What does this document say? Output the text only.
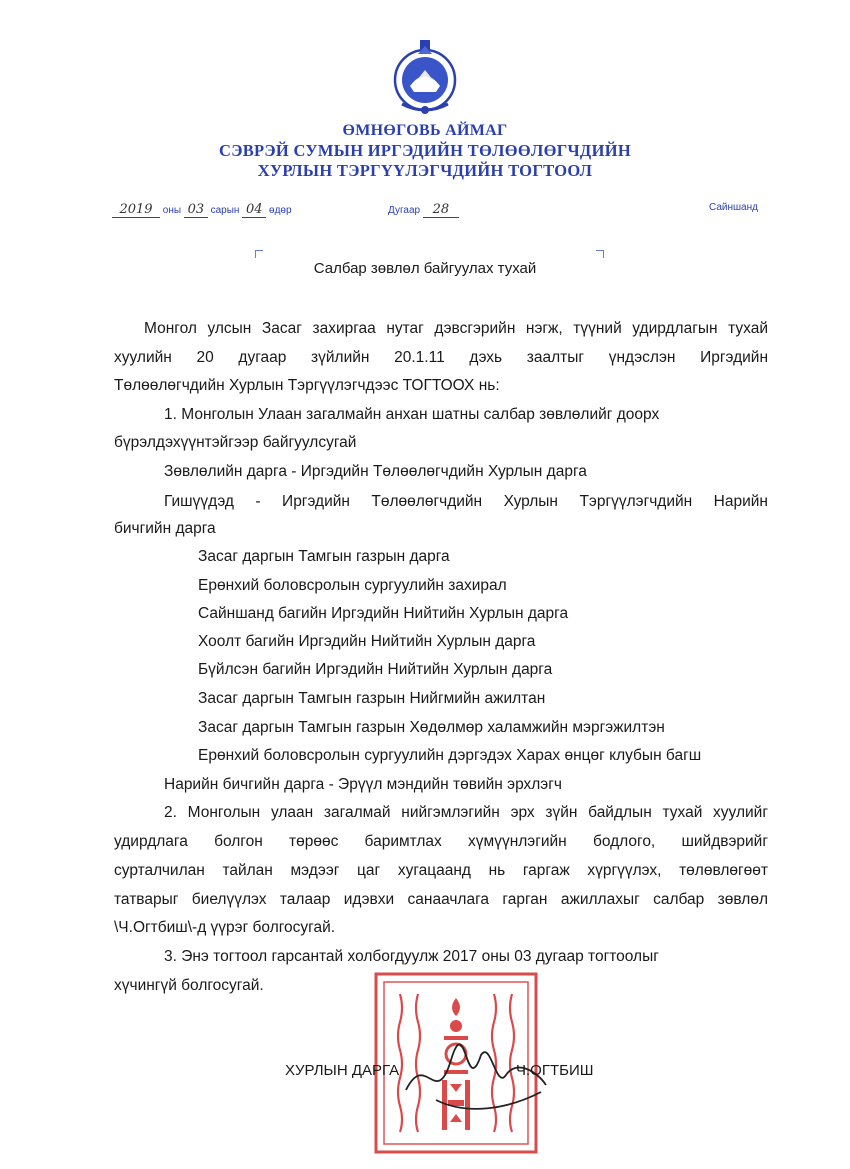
ӨМНӨГОВЬ АЙМАГ
СЭВРЭЙ СУМЫН ИРГЭДИЙН ТӨЛӨӨЛӨГЧДИЙН
ХУРЛЫН ТЭРГҮҮЛЭГЧДИЙН ТОГТООЛ
2019 оны 03 сарын 04 өдөр	Дугаар 28	Сайншанд
Салбар зөвлөл байгуулах тухай
Монгол улсын Засаг захиргаа нутаг дэвсгэрийн нэгж, түүний удирдлагын тухай
хуулийн 20 дугаар зүйлийн 20.1.11 дэхь заалтыг үндэслэн Иргэдийн
Төлөөлөгчдийн Хурлын Тэргүүлэгчдээс ТОГТООХ нь:
1. Монголын Улаан загалмайн анхан шатны салбар зөвлөлийг доорх
бүрэлдэхүүнтэйгээр байгуулсугай
Зөвлөлийн дарга - Иргэдийн Төлөөлөгчдийн Хурлын дарга
Гишүүдэд - Иргэдийн Төлөөлөгчдийн Хурлын Тэргүүлэгчдийн Нарийн
бичгийн дарга
Засаг даргын Тамгын газрын дарга
Ерөнхий боловсролын сургуулийн захирал
Сайншанд багийн Иргэдийн Нийтийн Хурлын дарга
Хоолт багийн Иргэдийн Нийтийн Хурлын дарга
Бүйлсэн багийн Иргэдийн Нийтийн Хурлын дарга
Засаг даргын Тамгын газрын Нийгмийн ажилтан
Засаг даргын Тамгын газрын Хөдөлмөр халамжийн мэргэжилтэн
Ерөнхий боловсролын сургуулийн дэргэдэх Харах өнцөг клубын багш
Нарийн бичгийн дарга - Эрүүл мэндийн төвийн эрхлэгч
2. Монголын улаан загалмай нийгэмлэгийн эрх зүйн байдлын тухай хуулийг
удирдлага болгон төрөөс баримтлах хүмүүнлэгийн бодлого, шийдвэрийг
сурталчилан тайлан мэдээг цаг хугацаанд нь гаргаж хүргүүлэх, төлөвлөгөөт
татварыг биелүүлэх талаар идэвхи санаачлага гарган ажиллахыг салбар зөвлөл
\Ч.Огтбиш\-д үүрэг болгосугай.
3. Энэ тогтоол гарсантай холбогдуулж 2017 оны 03 дугаар тогтоолыг
хүчингүй болгосугай.
ХУРЛЫН ДАРГА	Ч.ОГТБИШ
